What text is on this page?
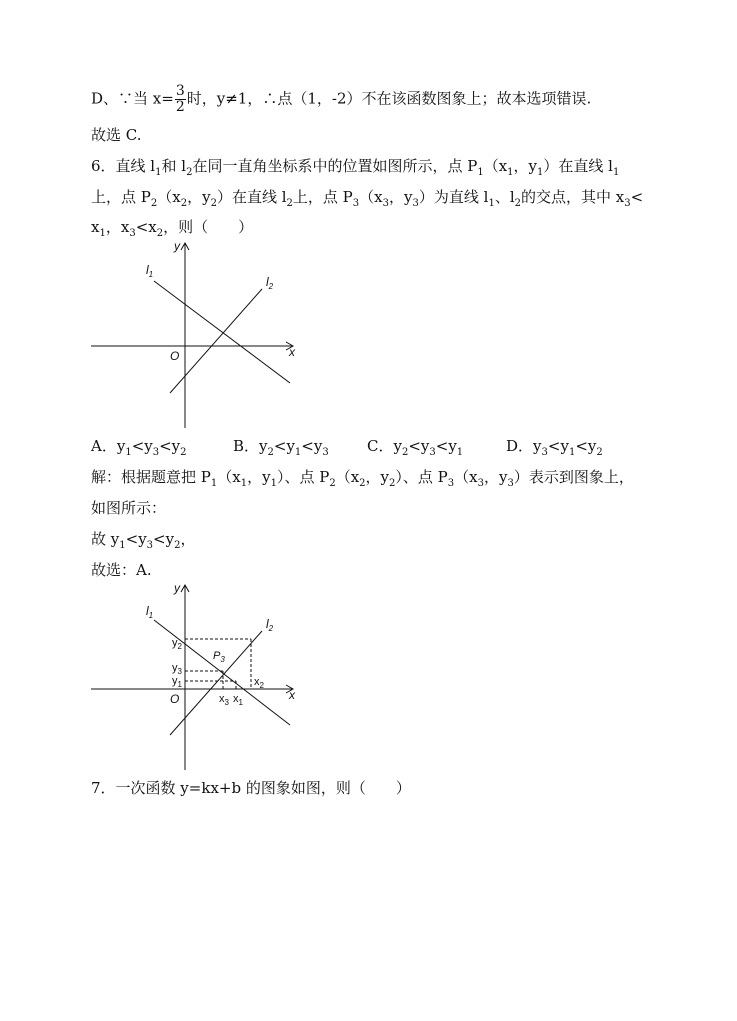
D、∵当 $x= \frac{3}{2}$ 时，y≠1，∴点（1，-2）不在该函数图象上；故本选项错误.
故选 C.
6．直线 $l_1$和 $l_2$在同一直角坐标系中的位置如图所示，点 $P_1(x_1$，$y_1$）在直线 $l_1$
上，点 $P_2(x_2$，$y_2$）在直线 $l_2$上，点 $P_3(x_3$，$y_3$）为直线 $l_1$、$l_2$的交点，其中 $x_3<$
$x_1$，$x_3<x_2$，则（　　）
y
x
O
$l_1$
$l_2$
A．$y_1<y_3<y_2$	B．$y_2<y_1<y_3$	C．$y_2<y_3<y_1$	D．$y_3<y_1<y_2$
解：根据题意把 $P_1(x_1$，$y_1$）、点 $P_2(x_2$，$y_2$）、点 $P_3(x_3$，$y_3$）表示到图象上，
如图所示：
故 $y_1<y_3<y_2$，
故选：A.
y
x
O
$l_1$
$l_2$
$y_2$
$P_3$
$y_3$
$y_1$	$x_2$
$x_3$ $x_1$
7．一次函数 y=kx+b 的图象如图，则（　　）
